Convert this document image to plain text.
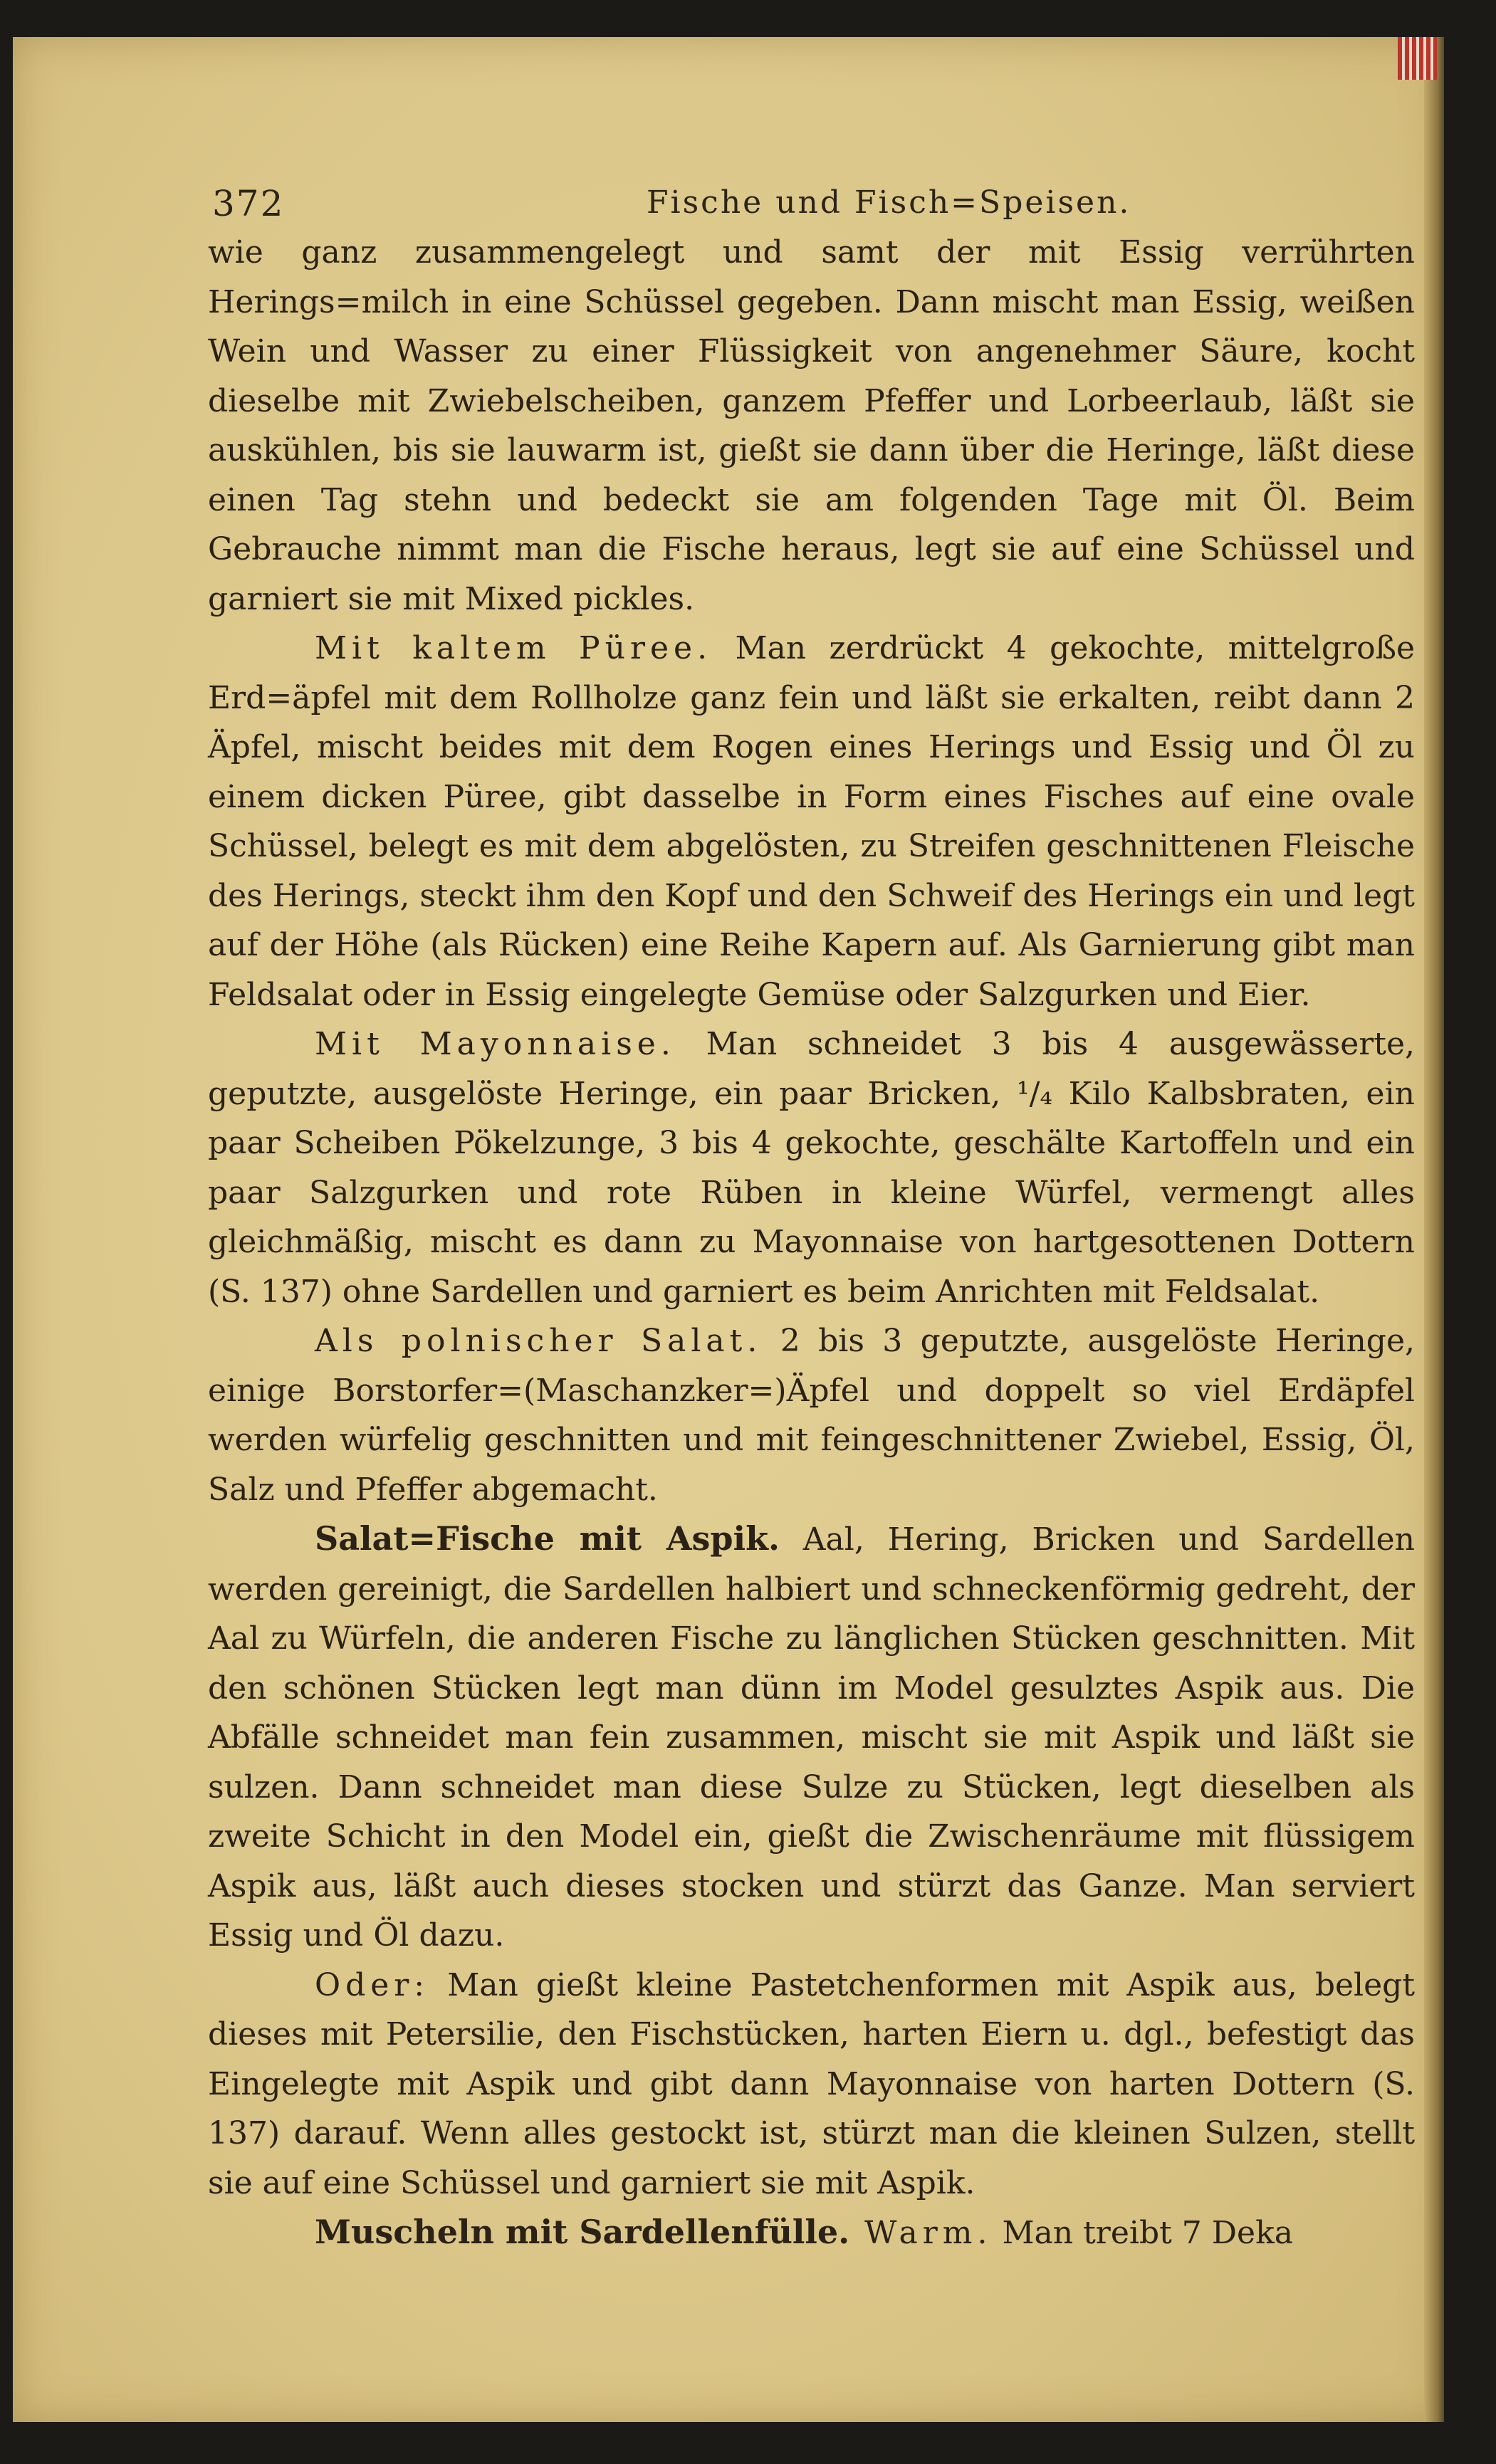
372	Fische und Fisch=Speisen.

wie ganz zusammengelegt und samt der mit Essig verrührten Herings=milch in eine Schüssel gegeben. Dann mischt man Essig, weißen Wein und Wasser zu einer Flüssigkeit von angenehmer Säure, kocht dieselbe mit Zwiebelscheiben, ganzem Pfeffer und Lorbeerlaub, läßt sie auskühlen, bis sie lauwarm ist, gießt sie dann über die Heringe, läßt diese einen Tag stehn und bedeckt sie am folgenden Tage mit Öl. Beim Gebrauche nimmt man die Fische heraus, legt sie auf eine Schüssel und garniert sie mit Mixed pickles.

Mit kaltem Püree. Man zerdrückt 4 gekochte, mittelgroße Erd=äpfel mit dem Rollholze ganz fein und läßt sie erkalten, reibt dann 2 Äpfel, mischt beides mit dem Rogen eines Herings und Essig und Öl zu einem dicken Püree, gibt dasselbe in Form eines Fisches auf eine ovale Schüssel, belegt es mit dem abgelösten, zu Streifen geschnittenen Fleische des Herings, steckt ihm den Kopf und den Schweif des Herings ein und legt auf der Höhe (als Rücken) eine Reihe Kapern auf. Als Garnierung gibt man Feldsalat oder in Essig eingelegte Gemüse oder Salzgurken und Eier.

Mit Mayonnaise. Man schneidet 3 bis 4 ausgewässerte, geputzte, ausgelöste Heringe, ein paar Bricken, ¹/₄ Kilo Kalbsbraten, ein paar Scheiben Pökelzunge, 3 bis 4 gekochte, geschälte Kartoffeln und ein paar Salzgurken und rote Rüben in kleine Würfel, vermengt alles gleichmäßig, mischt es dann zu Mayonnaise von hartgesottenen Dottern (S. 137) ohne Sardellen und garniert es beim Anrichten mit Feldsalat.

Als polnischer Salat. 2 bis 3 geputzte, ausgelöste Heringe, einige Borstorfer=(Maschanzker=)Äpfel und doppelt so viel Erdäpfel werden würfelig geschnitten und mit feingeschnittener Zwiebel, Essig, Öl, Salz und Pfeffer abgemacht.

Salat=Fische mit Aspik. Aal, Hering, Bricken und Sardellen werden gereinigt, die Sardellen halbiert und schneckenförmig gedreht, der Aal zu Würfeln, die anderen Fische zu länglichen Stücken geschnitten. Mit den schönen Stücken legt man dünn im Model gesulztes Aspik aus. Die Abfälle schneidet man fein zusammen, mischt sie mit Aspik und läßt sie sulzen. Dann schneidet man diese Sulze zu Stücken, legt dieselben als zweite Schicht in den Model ein, gießt die Zwischenräume mit flüssigem Aspik aus, läßt auch dieses stocken und stürzt das Ganze. Man serviert Essig und Öl dazu.

Oder: Man gießt kleine Pastetchenformen mit Aspik aus, belegt dieses mit Petersilie, den Fischstücken, harten Eiern u. dgl., befestigt das Eingelegte mit Aspik und gibt dann Mayonnaise von harten Dottern (S. 137) darauf. Wenn alles gestockt ist, stürzt man die kleinen Sulzen, stellt sie auf eine Schüssel und garniert sie mit Aspik.

Muscheln mit Sardellenfülle. Warm. Man treibt 7 Deka
